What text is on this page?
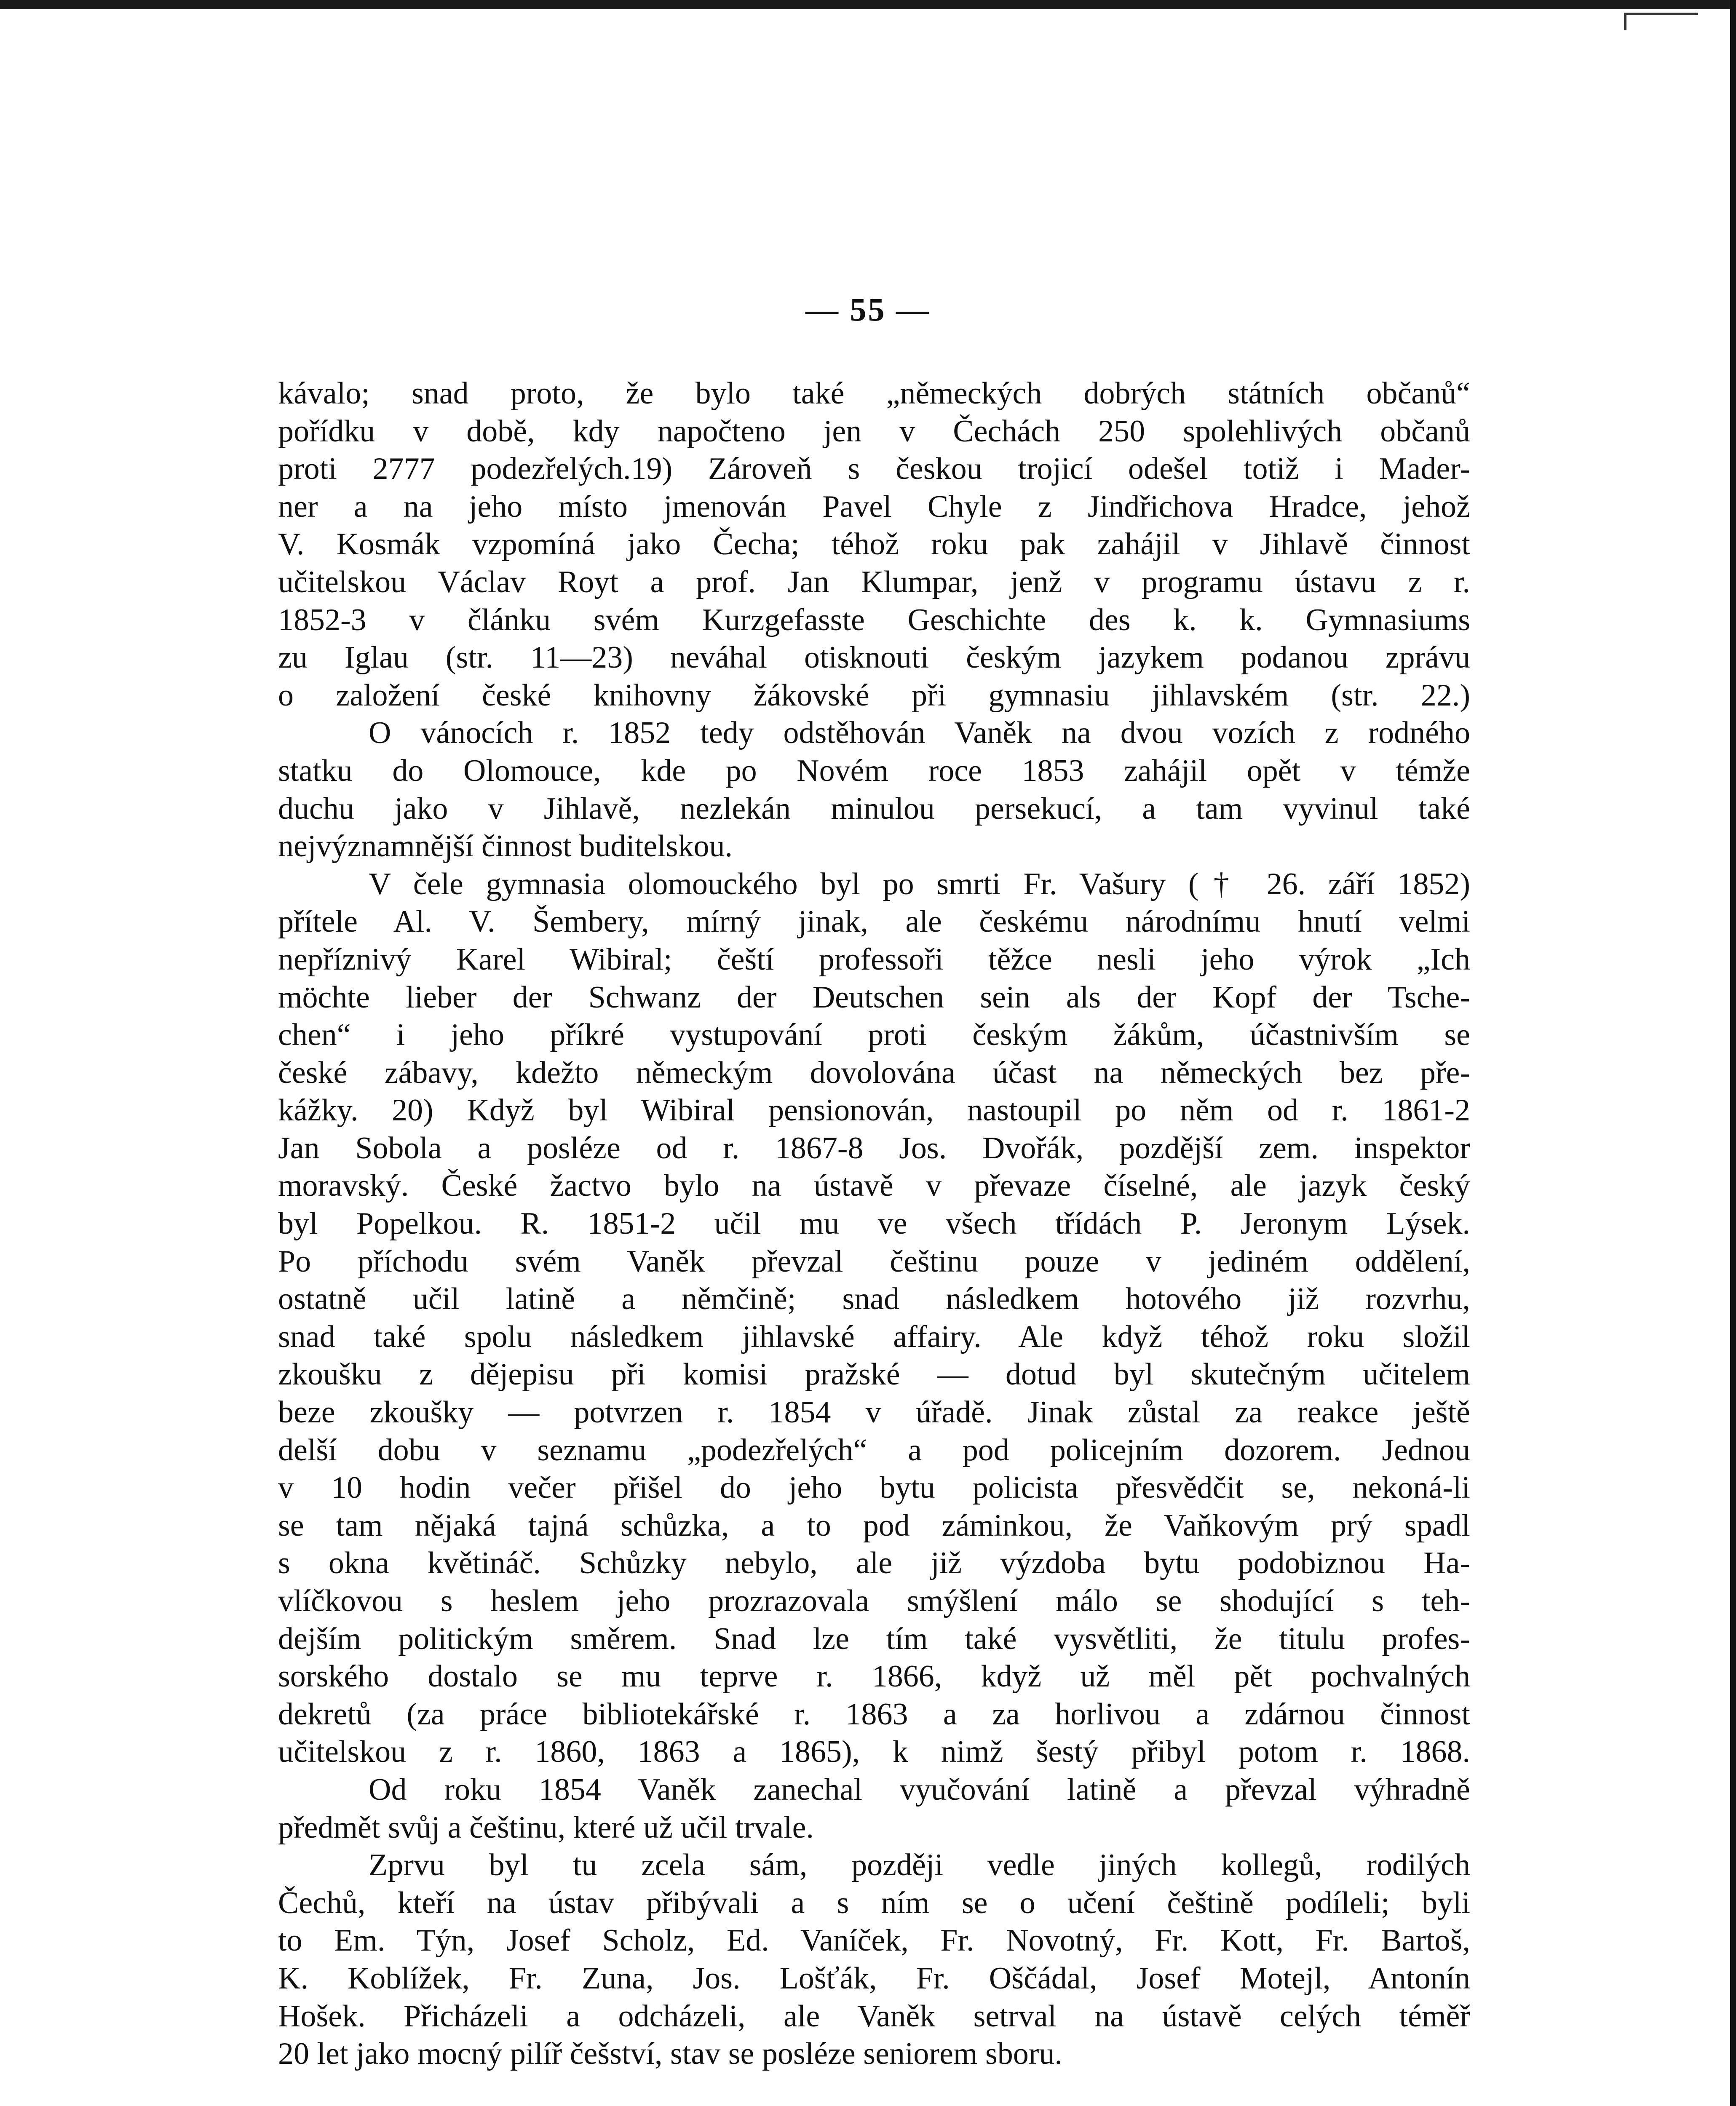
— 55 —

kávalo; snad proto, že bylo také „německých dobrých státních občanů“

pořídku v době, kdy napočteno jen v Čechách 250 spolehlivých občanů

proti 2777 podezřelých.19) Zároveň s českou trojicí odešel totiž i Mader-

ner a na jeho místo jmenován Pavel Chyle z Jindřichova Hradce, jehož

V. Kosmák vzpomíná jako Čecha; téhož roku pak zahájil v Jihlavě činnost

učitelskou Václav Royt a prof. Jan Klumpar, jenž v programu ústavu z r.

1852-3 v článku svém Kurzgefasste Geschichte des k. k. Gymnasiums

zu Iglau (str. 11—23) neváhal otisknouti českým jazykem podanou zprávu

o založení české knihovny žákovské při gymnasiu jihlavském (str. 22.)

O vánocích r. 1852 tedy odstěhován Vaněk na dvou vozích z rodného

statku do Olomouce, kde po Novém roce 1853 zahájil opět v témže

duchu jako v Jihlavě, nezlekán minulou persekucí, a tam vyvinul také

nejvýznamnější činnost buditelskou.

V čele gymnasia olomouckého byl po smrti Fr. Vašury († 26. září 1852)

přítele Al. V. Šembery, mírný jinak, ale českému národnímu hnutí velmi

nepříznivý Karel Wibiral; čeští professoři těžce nesli jeho výrok „Ich

möchte lieber der Schwanz der Deutschen sein als der Kopf der Tsche-

chen“ i jeho příkré vystupování proti českým žákům, účastnivším se

české zábavy, kdežto německým dovolována účast na německých bez pře-

kážky. 20) Když byl Wibiral pensionován, nastoupil po něm od r. 1861-2

Jan Sobola a posléze od r. 1867-8 Jos. Dvořák, pozdější zem. inspektor

moravský. České žactvo bylo na ústavě v převaze číselné, ale jazyk český

byl Popelkou. R. 1851-2 učil mu ve všech třídách P. Jeronym Lýsek.

Po příchodu svém Vaněk převzal češtinu pouze v jediném oddělení,

ostatně učil latině a němčině; snad následkem hotového již rozvrhu,

snad také spolu následkem jihlavské affairy. Ale když téhož roku složil

zkoušku z dějepisu při komisi pražské — dotud byl skutečným učitelem

beze zkoušky — potvrzen r. 1854 v úřadě. Jinak zůstal za reakce ještě

delší dobu v seznamu „podezřelých“ a pod policejním dozorem. Jednou

v 10 hodin večer přišel do jeho bytu policista přesvědčit se, nekoná-li

se tam nějaká tajná schůzka, a to pod záminkou, že Vaňkovým prý spadl

s okna květináč. Schůzky nebylo, ale již výzdoba bytu podobiznou Ha-

vlíčkovou s heslem jeho prozrazovala smýšlení málo se shodující s teh-

dejším politickým směrem. Snad lze tím také vysvětliti, že titulu profes-

sorského dostalo se mu teprve r. 1866, když už měl pět pochvalných

dekretů (za práce bibliotekářské r. 1863 a za horlivou a zdárnou činnost

učitelskou z r. 1860, 1863 a 1865), k nimž šestý přibyl potom r. 1868.

Od roku 1854 Vaněk zanechal vyučování latině a převzal výhradně

předmět svůj a češtinu, které už učil trvale.

Zprvu byl tu zcela sám, později vedle jiných kollegů, rodilých

Čechů, kteří na ústav přibývali a s ním se o učení češtině podíleli; byli

to Em. Týn, Josef Scholz, Ed. Vaníček, Fr. Novotný, Fr. Kott, Fr. Bartoš,

K. Koblížek, Fr. Zuna, Jos. Lošťák, Fr. Oščádal, Josef Motejl, Antonín

Hošek. Přicházeli a odcházeli, ale Vaněk setrval na ústavě celých téměř

20 let jako mocný pilíř češství, stav se posléze seniorem sboru.
